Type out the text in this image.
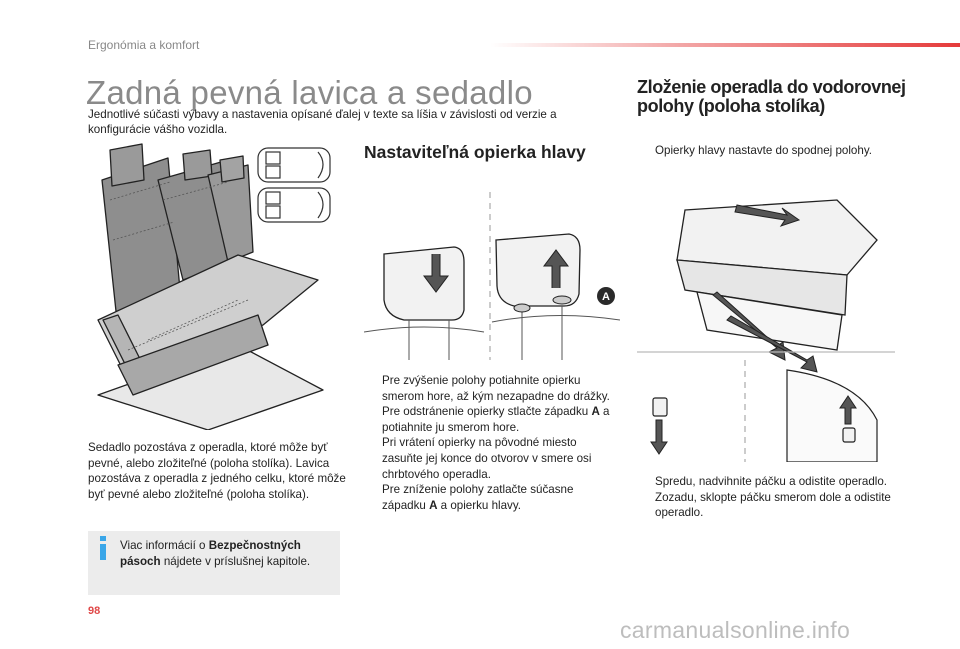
Ergonómia a komfort
Zadná pevná lavica a sedadlo
Jednotlivé súčasti výbavy a nastavenia opísané ďalej v texte sa líšia v závislosti od verzie a konfigurácie vášho vozidla.
Sedadlo pozostáva z operadla, ktoré môže byť pevné, alebo zložiteľné (poloha stolíka). Lavica pozostáva z operadla z jedného celku, ktoré môže byť pevné alebo zložiteľné (poloha stolíka).
Viac informácií o Bezpečnostných pásoch nájdete v príslušnej kapitole.
Nastaviteľná opierka hlavy
A
Pre zvýšenie polohy potiahnite opierku smerom hore, až kým nezapadne do drážky.
Pre odstránenie opierky stlačte západku A a potiahnite ju smerom hore.
Pri vrátení opierky na pôvodné miesto zasuňte jej konce do otvorov v smere osi chrbtového operadla.
Pre zníženie polohy zatlačte súčasne západku A a opierku hlavy.
Zloženie operadla do vodorovnej polohy (poloha stolíka)
Opierky hlavy nastavte do spodnej polohy.
Spredu, nadvihnite páčku a odistite operadlo.
Zozadu, sklopte páčku smerom dole a odistite operadlo.
98
carmanualsonline.info
